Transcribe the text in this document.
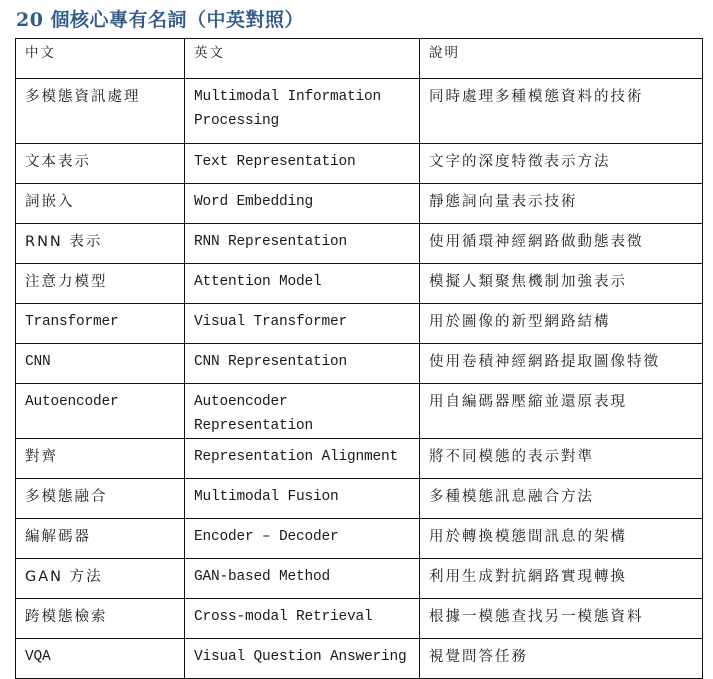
20 個核心專有名詞（中英對照）
中文	英文	說明
多模態資訊處理	Multimodal Information Processing	同時處理多種模態資料的技術
文本表示	Text Representation	文字的深度特徵表示方法
詞嵌入	Word Embedding	靜態詞向量表示技術
RNN 表示	RNN Representation	使用循環神經網路做動態表徵
注意力模型	Attention Model	模擬人類聚焦機制加強表示
Transformer	Visual Transformer	用於圖像的新型網路結構
CNN	CNN Representation	使用卷積神經網路提取圖像特徵
Autoencoder	Autoencoder Representation	用自編碼器壓縮並還原表現
對齊	Representation Alignment	將不同模態的表示對準
多模態融合	Multimodal Fusion	多種模態訊息融合方法
編解碼器	Encoder – Decoder	用於轉換模態間訊息的架構
GAN 方法	GAN-based Method	利用生成對抗網路實現轉換
跨模態檢索	Cross-modal Retrieval	根據一模態查找另一模態資料
VQA	Visual Question Answering	視覺問答任務
